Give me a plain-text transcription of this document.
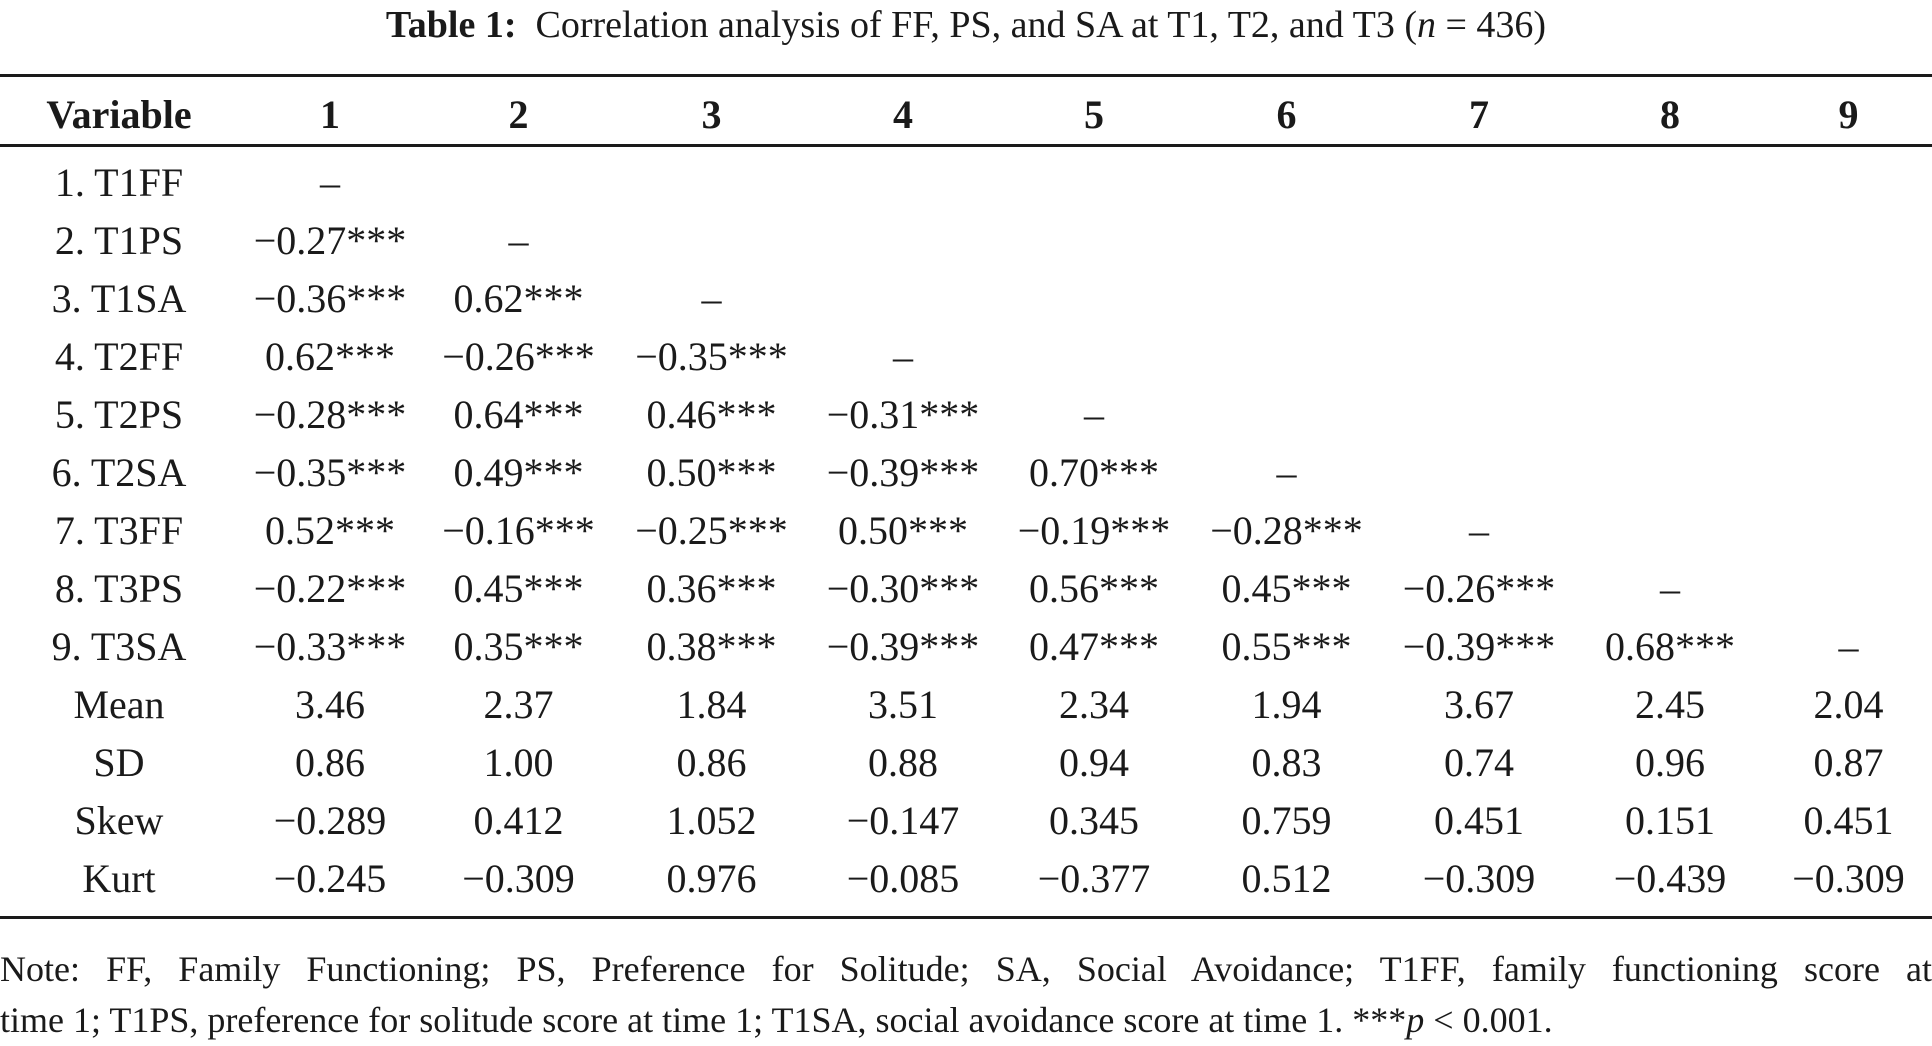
Table 1: Correlation analysis of FF, PS, and SA at T1, T2, and T3 (n = 436)
Variable	1	2	3	4	5	6	7	8	9
1. T1FF	–								
2. T1PS	−0.27***	–							
3. T1SA	−0.36***	0.62***	–						
4. T2FF	0.62***	−0.26***	−0.35***	–					
5. T2PS	−0.28***	0.64***	0.46***	−0.31***	–				
6. T2SA	−0.35***	0.49***	0.50***	−0.39***	0.70***	–			
7. T3FF	0.52***	−0.16***	−0.25***	0.50***	−0.19***	−0.28***	–		
8. T3PS	−0.22***	0.45***	0.36***	−0.30***	0.56***	0.45***	−0.26***	–	
9. T3SA	−0.33***	0.35***	0.38***	−0.39***	0.47***	0.55***	−0.39***	0.68***	–
Mean	3.46	2.37	1.84	3.51	2.34	1.94	3.67	2.45	2.04
SD	0.86	1.00	0.86	0.88	0.94	0.83	0.74	0.96	0.87
Skew	−0.289	0.412	1.052	−0.147	0.345	0.759	0.451	0.151	0.451
Kurt	−0.245	−0.309	0.976	−0.085	−0.377	0.512	−0.309	−0.439	−0.309
Note: FF, Family Functioning; PS, Preference for Solitude; SA, Social Avoidance; T1FF, family functioning score at
time 1; T1PS, preference for solitude score at time 1; T1SA, social avoidance score at time 1. ***p < 0.001.
